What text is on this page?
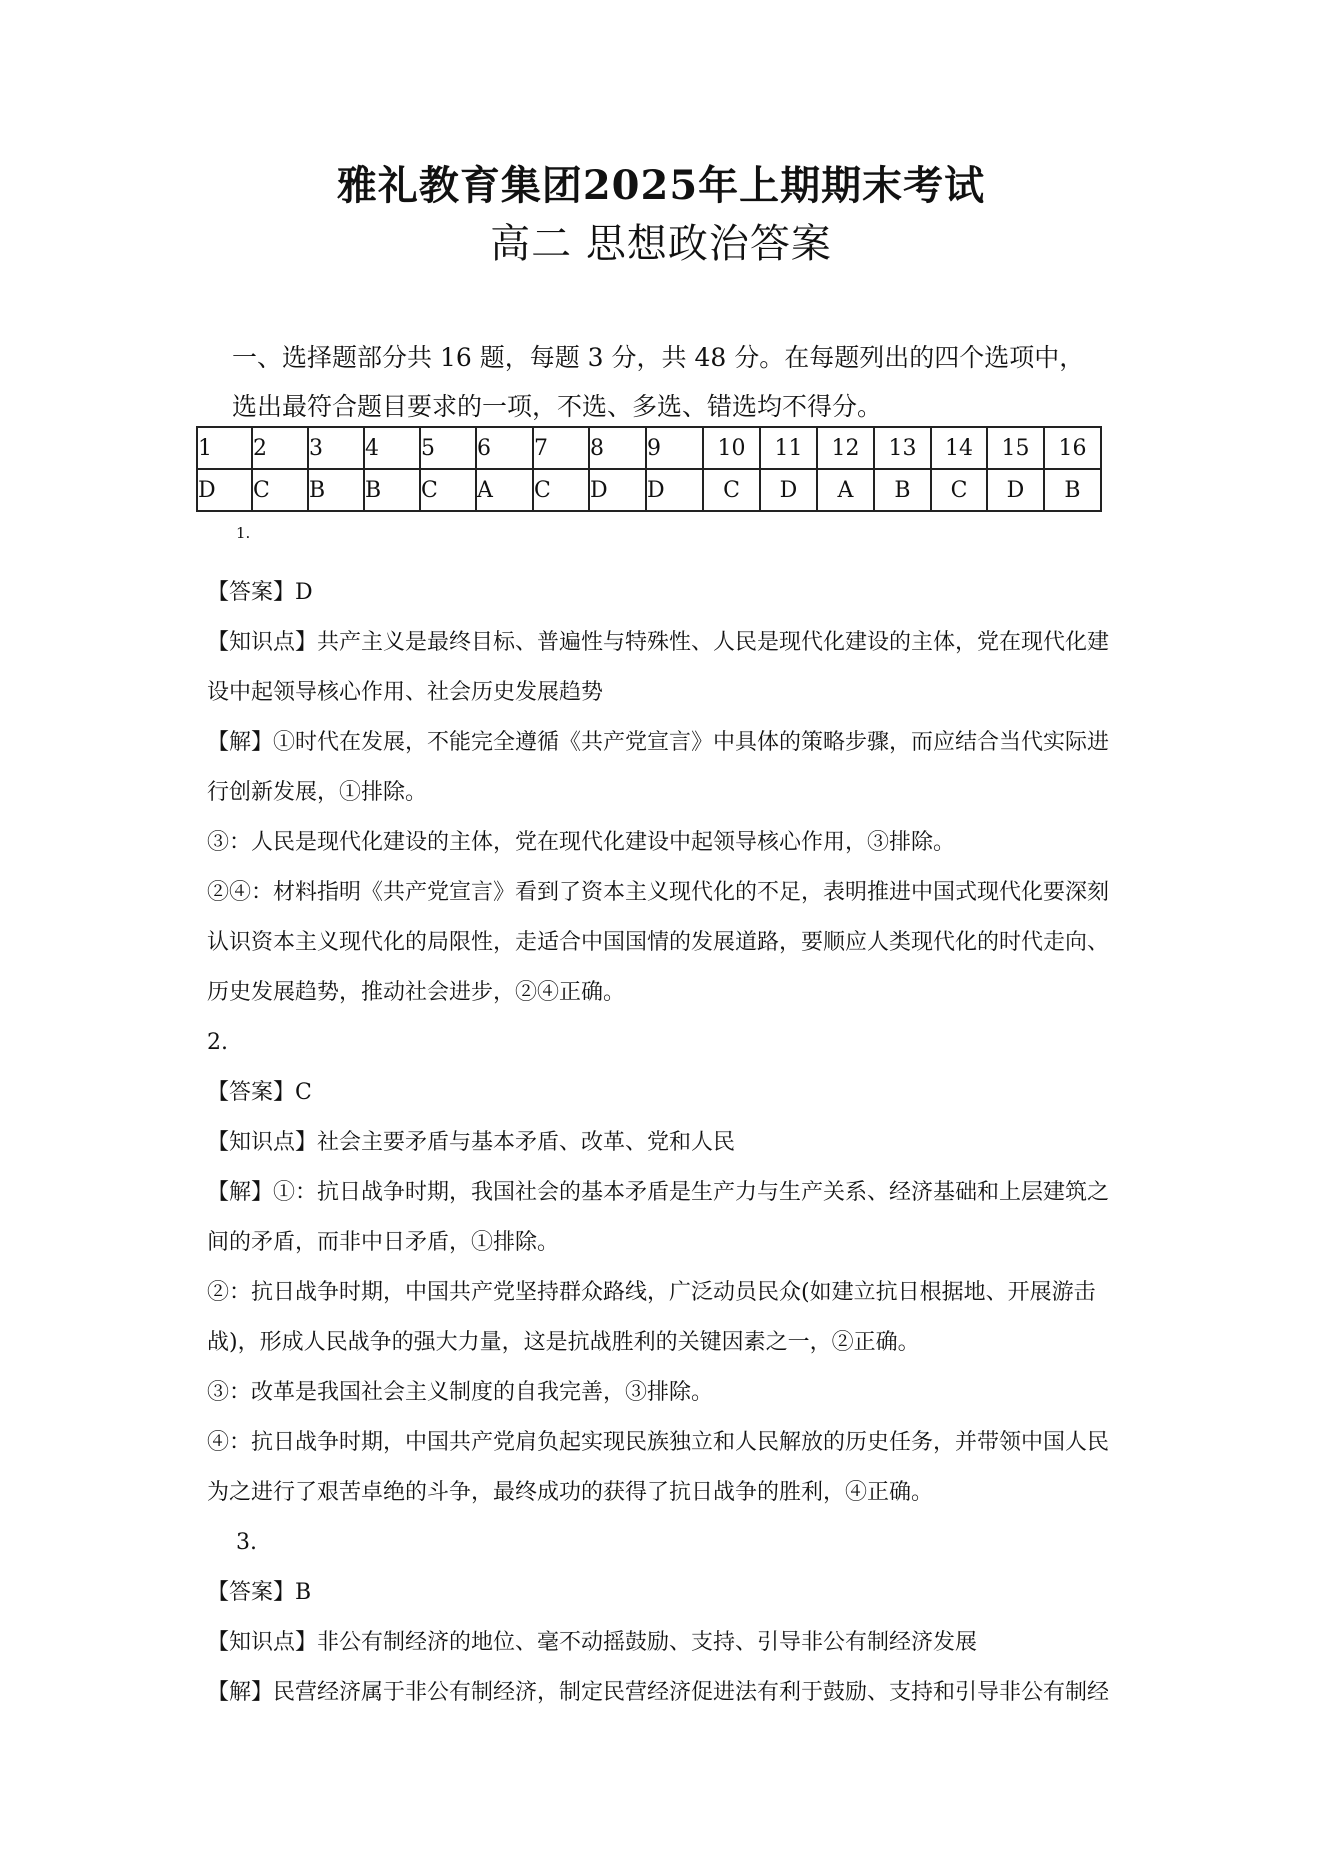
雅礼教育集团2025年上期期末考试
高二 思想政治答案

一、选择题部分共 16 题，每题 3 分，共 48 分。在每题列出的四个选项中，

选出最符合题目要求的一项，不选、多选、错选均不得分。

1	2	3	4	5	6	7	8	9	10	11	12	13	14	15	16
D	C	B	B	C	A	C	D	D	C	D	A	B	C	D	B

1.

【答案】D

【知识点】共产主义是最终目标、普遍性与特殊性、人民是现代化建设的主体，党在现代化建

设中起领导核心作用、社会历史发展趋势

【解】①时代在发展，不能完全遵循《共产党宣言》中具体的策略步骤，而应结合当代实际进

行创新发展，①排除。

③：人民是现代化建设的主体，党在现代化建设中起领导核心作用，③排除。

②④：材料指明《共产党宣言》看到了资本主义现代化的不足，表明推进中国式现代化要深刻

认识资本主义现代化的局限性，走适合中国国情的发展道路，要顺应人类现代化的时代走向、

历史发展趋势，推动社会进步，②④正确。

2.

【答案】C

【知识点】社会主要矛盾与基本矛盾、改革、党和人民

【解】①：抗日战争时期，我国社会的基本矛盾是生产力与生产关系、经济基础和上层建筑之

间的矛盾，而非中日矛盾，①排除。

②：抗日战争时期，中国共产党坚持群众路线，广泛动员民众(如建立抗日根据地、开展游击

战)，形成人民战争的强大力量，这是抗战胜利的关键因素之一，②正确。

③：改革是我国社会主义制度的自我完善，③排除。

④：抗日战争时期，中国共产党肩负起实现民族独立和人民解放的历史任务，并带领中国人民

为之进行了艰苦卓绝的斗争，最终成功的获得了抗日战争的胜利，④正确。

3.

【答案】B

【知识点】非公有制经济的地位、毫不动摇鼓励、支持、引导非公有制经济发展

【解】民营经济属于非公有制经济，制定民营经济促进法有利于鼓励、支持和引导非公有制经
